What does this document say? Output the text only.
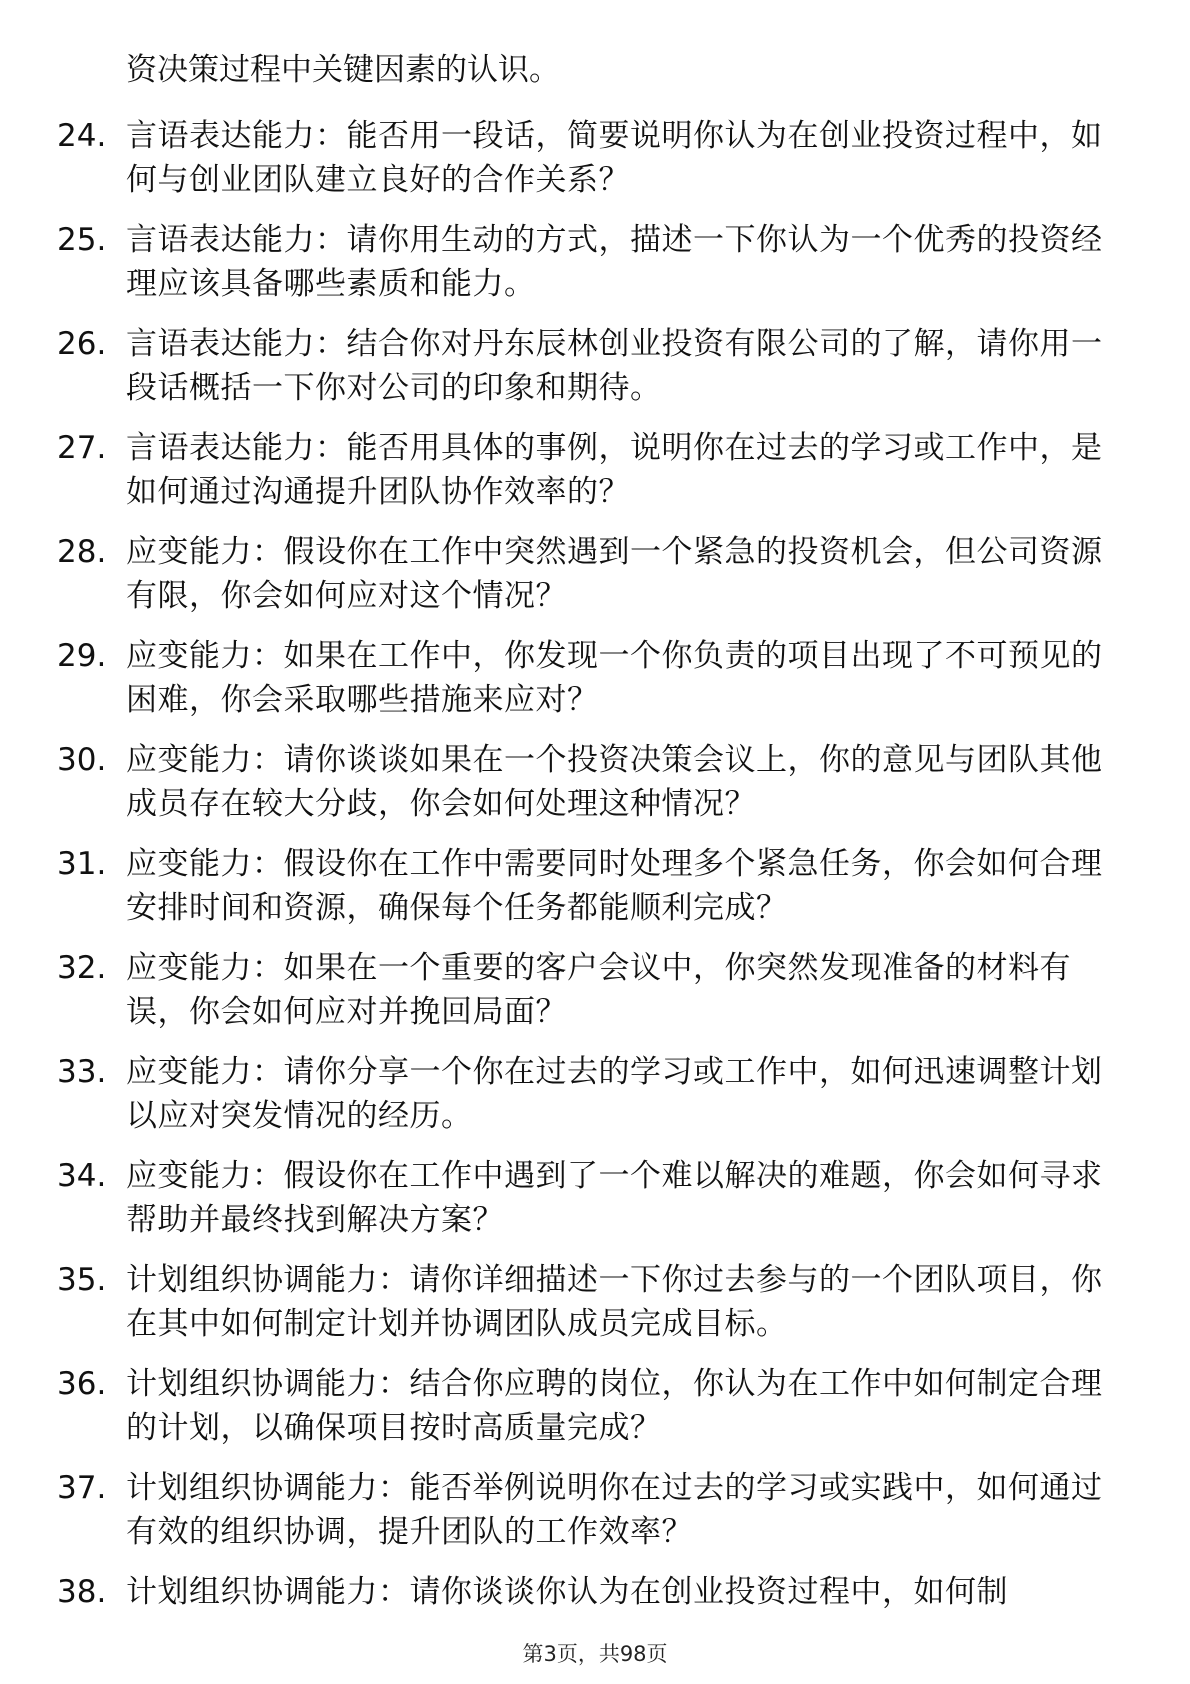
资决策过程中关键因素的认识。
24. 言语表达能力：能否用一段话，简要说明你认为在创业投资过程中，如何与创业团队建立良好的合作关系？
25. 言语表达能力：请你用生动的方式，描述一下你认为一个优秀的投资经理应该具备哪些素质和能力。
26. 言语表达能力：结合你对丹东辰林创业投资有限公司的了解，请你用一段话概括一下你对公司的印象和期待。
27. 言语表达能力：能否用具体的事例，说明你在过去的学习或工作中，是如何通过沟通提升团队协作效率的？
28. 应变能力：假设你在工作中突然遇到一个紧急的投资机会，但公司资源有限，你会如何应对这个情况？
29. 应变能力：如果在工作中，你发现一个你负责的项目出现了不可预见的困难，你会采取哪些措施来应对？
30. 应变能力：请你谈谈如果在一个投资决策会议上，你的意见与团队其他成员存在较大分歧，你会如何处理这种情况？
31. 应变能力：假设你在工作中需要同时处理多个紧急任务，你会如何合理安排时间和资源，确保每个任务都能顺利完成？
32. 应变能力：如果在一个重要的客户会议中，你突然发现准备的材料有误，你会如何应对并挽回局面？
33. 应变能力：请你分享一个你在过去的学习或工作中，如何迅速调整计划以应对突发情况的经历。
34. 应变能力：假设你在工作中遇到了一个难以解决的难题，你会如何寻求帮助并最终找到解决方案？
35. 计划组织协调能力：请你详细描述一下你过去参与的一个团队项目，你在其中如何制定计划并协调团队成员完成目标。
36. 计划组织协调能力：结合你应聘的岗位，你认为在工作中如何制定合理的计划，以确保项目按时高质量完成？
37. 计划组织协调能力：能否举例说明你在过去的学习或实践中，如何通过有效的组织协调，提升团队的工作效率？
38. 计划组织协调能力：请你谈谈你认为在创业投资过程中，如何制
第3页，共98页
